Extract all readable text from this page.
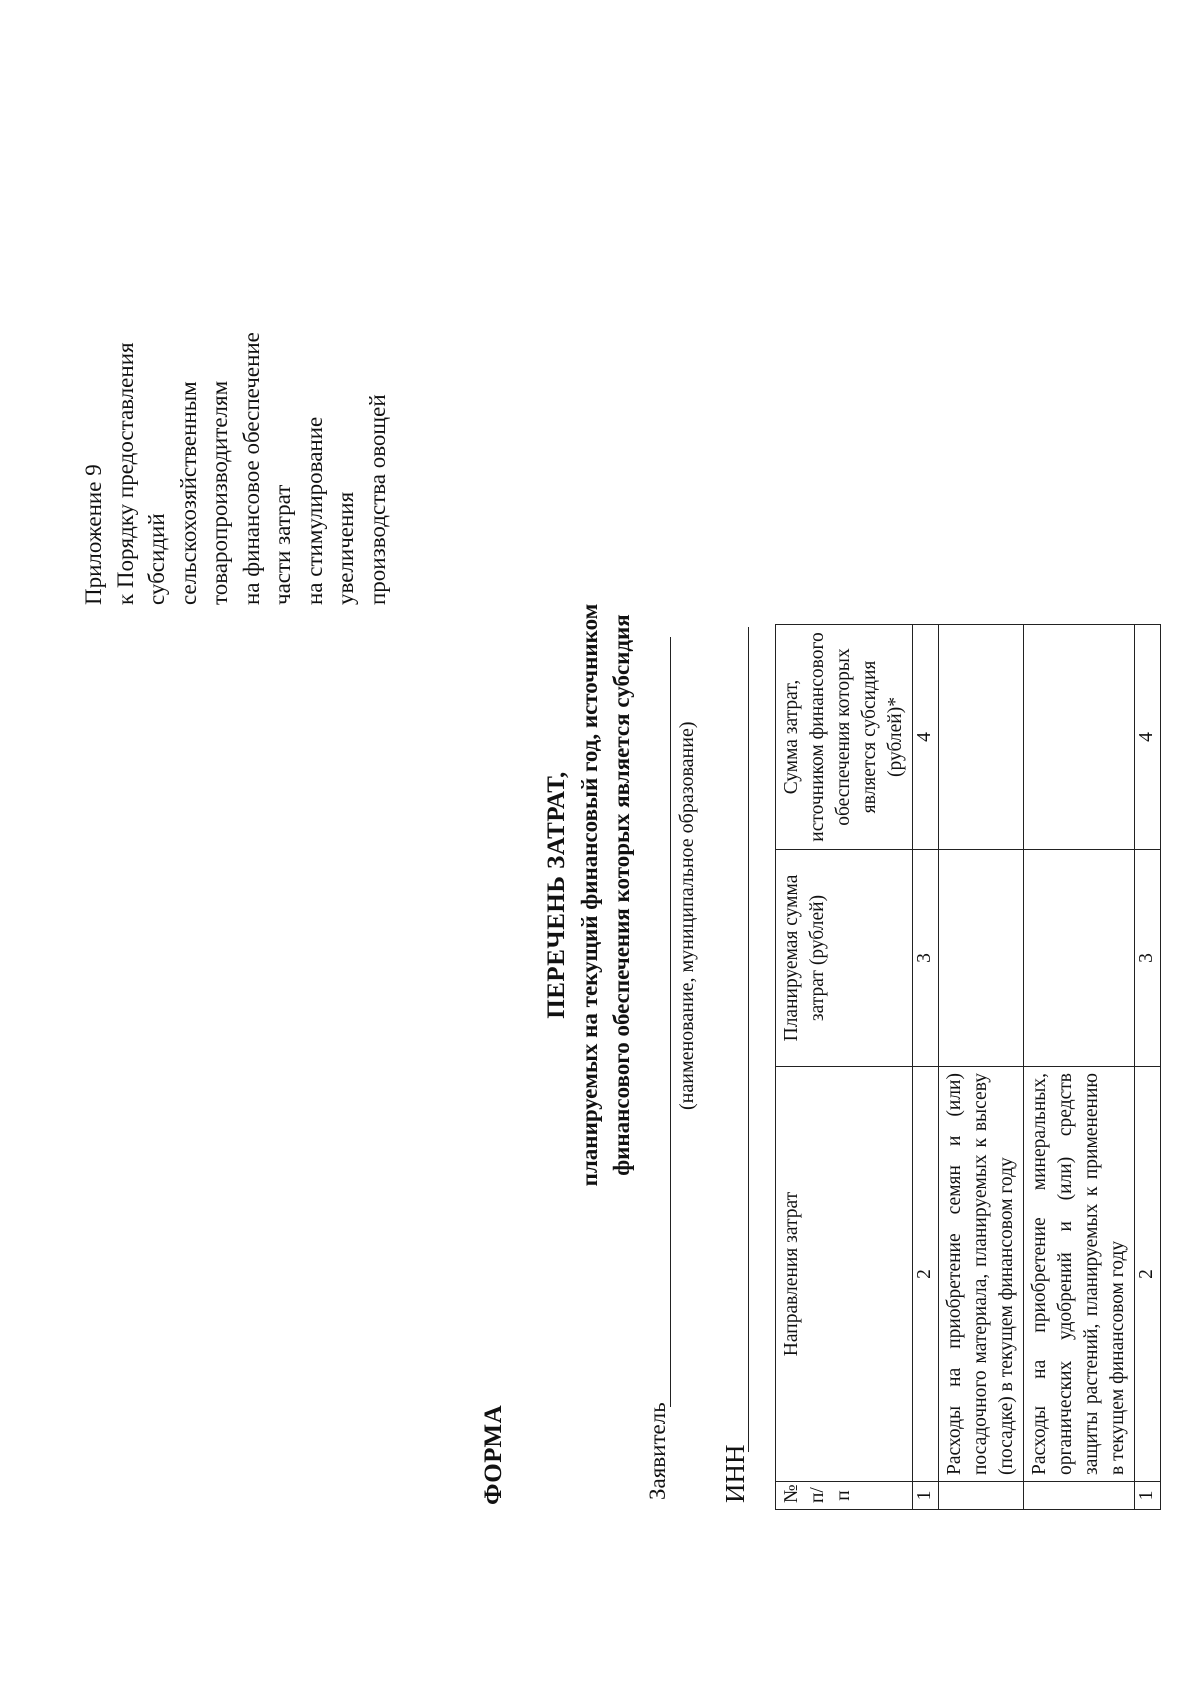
Приложение 9 к Порядку предоставления субсидий сельскохозяйственным товаропроизводителям на финансовое обеспечение части затрат на стимулирование увеличения производства овощей
ФОРМА
ПЕРЕЧЕНЬ ЗАТРАТ, планируемых на текущий финансовый год, источником финансового обеспечения которых является субсидия
Заявитель
(наименование, муниципальное образование)
ИНН № п/п	Направления затрат	Планируемая сумма затрат (рублей)	Сумма затрат, источником финансового обеспечения которых является субсидия (рублей)*
1	2	3	4
	Расходы на приобретение семян и (или) посадочного материала, планируемых к высеву (посадке) в текущем финансовом году		
	Расходы на приобретение минеральных, органических удобрений и (или) средств защиты растений, планируемых к применению в текущем финансовом году		
1	2	3	4
